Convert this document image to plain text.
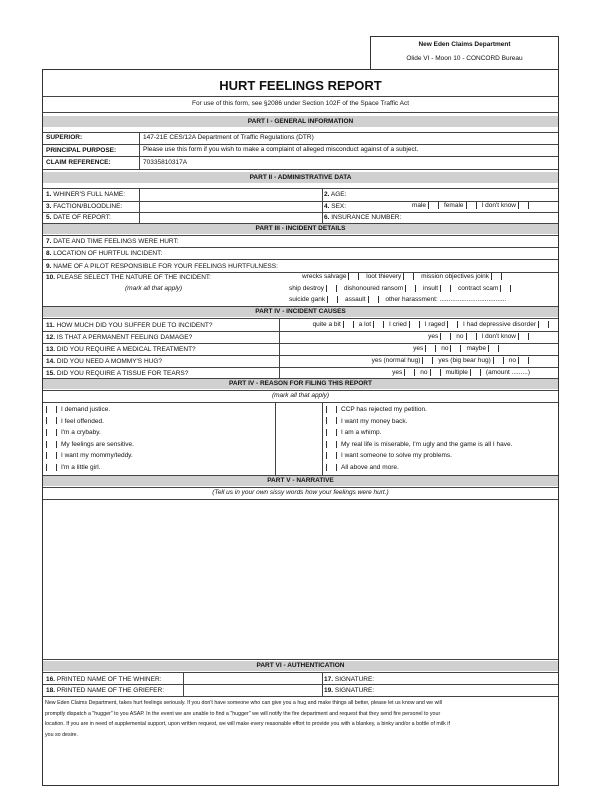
New Eden Claims Department
Olide VI - Moon 10 - CONCORD Bureau
HURT FEELINGS REPORT
For use of this form, see §2086 under Section 102F of the Space Traffic Act
PART I - GENERAL INFORMATION
SUPERIOR:	147-21E CES/12A Department of Traffic Regulations (DTR)
PRINCIPAL PURPOSE:	Please use this form if you wish to make a complaint of alleged misconduct against of a subject.
CLAIM REFERENCE:	70335810317A
PART II - ADMINISTRATIVE DATA
1. WHINER'S FULL NAME:	2. AGE:
3. FACTION/BLOODLINE:	4. SEX:	male	female	I don't know
5. DATE OF REPORT:	6. INSURANCE NUMBER:
PART III - INCIDENT DETAILS
7. DATE AND TIME FEELINGS WERE HURT:
8. LOCATION OF HURTFUL INCIDENT:
9. NAME OF A PILOT RESPONSIBLE FOR YOUR FEELINGS HURTFULNESS:
10. PLEASE SELECT THE NATURE OF THE INCIDENT:
(mark all that apply)
wrecks salvage	loot thievery	mission objectives joink
ship destroy	dishonoured ransom	insult	contract scam
suicide gank	assault	other harassment: .....................................
PART IV - INCIDENT CAUSES
11. HOW MUCH DID YOU SUFFER DUE TO INCIDENT?	quite a bit	a lot	I cried	I raged	I had depressive disorder
12. IS THAT A PERMANENT FEELING DAMAGE?	yes	no	I don't know
13. DID YOU REQUIRE A MEDICAL TREATMENT?	yes	no	maybe
14. DID YOU NEED A MOMMY'S HUG?	yes (normal hug)	yes (big bear hug)	no
15. DID YOU REQUIRE A TISSUE FOR TEARS?	yes	no	multiple	(amount .........)
PART IV - REASON FOR FILING THIS REPORT
(mark all that apply)
I demand justice.
I feel offended.
I'm a crybaby.
My feelings are sensitive.
I want my mommy/teddy.
I'm a little girl.
CCP has rejected my petition.
I want my money back.
I am a whimp.
My real life is miserable, I'm ugly and the game is all I have.
I want someone to solve my problems.
All above and more.
PART V - NARRATIVE
(Tell us in your own sissy words how your feelings were hurt.)
PART VI - AUTHENTICATION
16. PRINTED NAME OF THE WHINER:	17. SIGNATURE:
18. PRINTED NAME OF THE GRIEFER:	19. SIGNATURE:
New Eden Claims Department, takes hurt feelings seriously. If you don't have someone who can give you a hug and make things all better, please let us know and we will
promptly dispatch a "hugger" to you ASAP. In the event we are unable to find a "hugger" we will notify the fire department and request that they send fire personel to your
location. If you are in need of supplemental support, upon written request, we will make every reasonable effort to provide you with a blankey, a binky and/or a bottle of milk if
you so desire.
